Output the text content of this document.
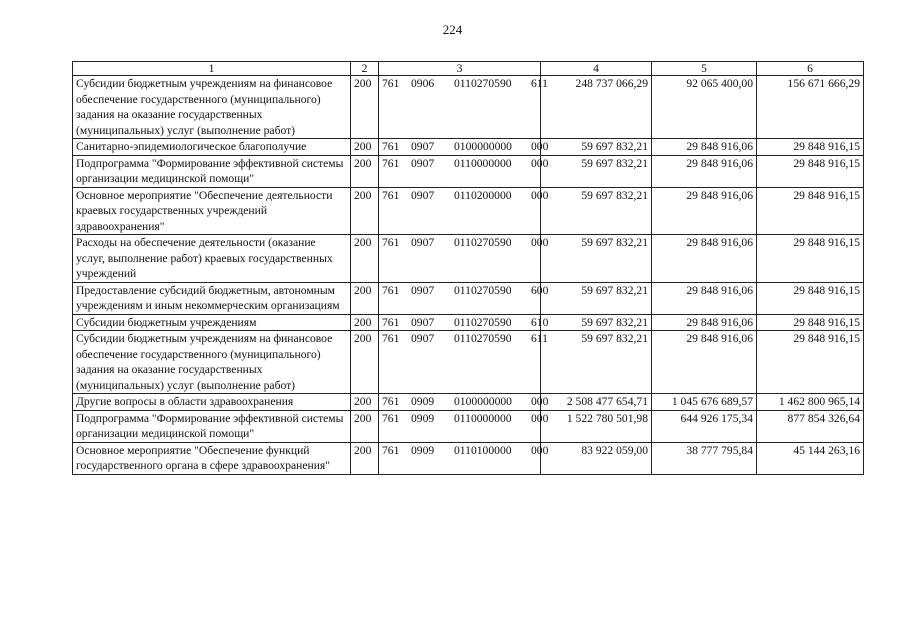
224
1	2	3	4	5	6
Субсидии бюджетным учреждениям на финансовое обеспечение государственного (муниципального) задания на оказание государственных (муниципальных) услуг (выполнение работ)	200	761 0906 0110270590 611	248 737 066,29	92 065 400,00	156 671 666,29
Санитарно-эпидемиологическое благополучие	200	761 0907 0100000000 000	59 697 832,21	29 848 916,06	29 848 916,15
Подпрограмма "Формирование эффективной системы организации медицинской помощи"	200	761 0907 0110000000 000	59 697 832,21	29 848 916,06	29 848 916,15
Основное мероприятие "Обеспечение деятельности краевых государственных учреждений здравоохранения"	200	761 0907 0110200000 000	59 697 832,21	29 848 916,06	29 848 916,15
Расходы на обеспечение деятельности (оказание услуг, выполнение работ) краевых государственных учреждений	200	761 0907 0110270590 000	59 697 832,21	29 848 916,06	29 848 916,15
Предоставление субсидий бюджетным, автономным учреждениям и иным некоммерческим организациям	200	761 0907 0110270590 600	59 697 832,21	29 848 916,06	29 848 916,15
Субсидии бюджетным учреждениям	200	761 0907 0110270590 610	59 697 832,21	29 848 916,06	29 848 916,15
Субсидии бюджетным учреждениям на финансовое обеспечение государственного (муниципального) задания на оказание государственных (муниципальных) услуг (выполнение работ)	200	761 0907 0110270590 611	59 697 832,21	29 848 916,06	29 848 916,15
Другие вопросы в области здравоохранения	200	761 0909 0100000000 000	2 508 477 654,71	1 045 676 689,57	1 462 800 965,14
Подпрограмма "Формирование эффективной системы организации медицинской помощи"	200	761 0909 0110000000 000	1 522 780 501,98	644 926 175,34	877 854 326,64
Основное мероприятие "Обеспечение функций государственного органа в сфере здравоохранения"	200	761 0909 0110100000 000	83 922 059,00	38 777 795,84	45 144 263,16
